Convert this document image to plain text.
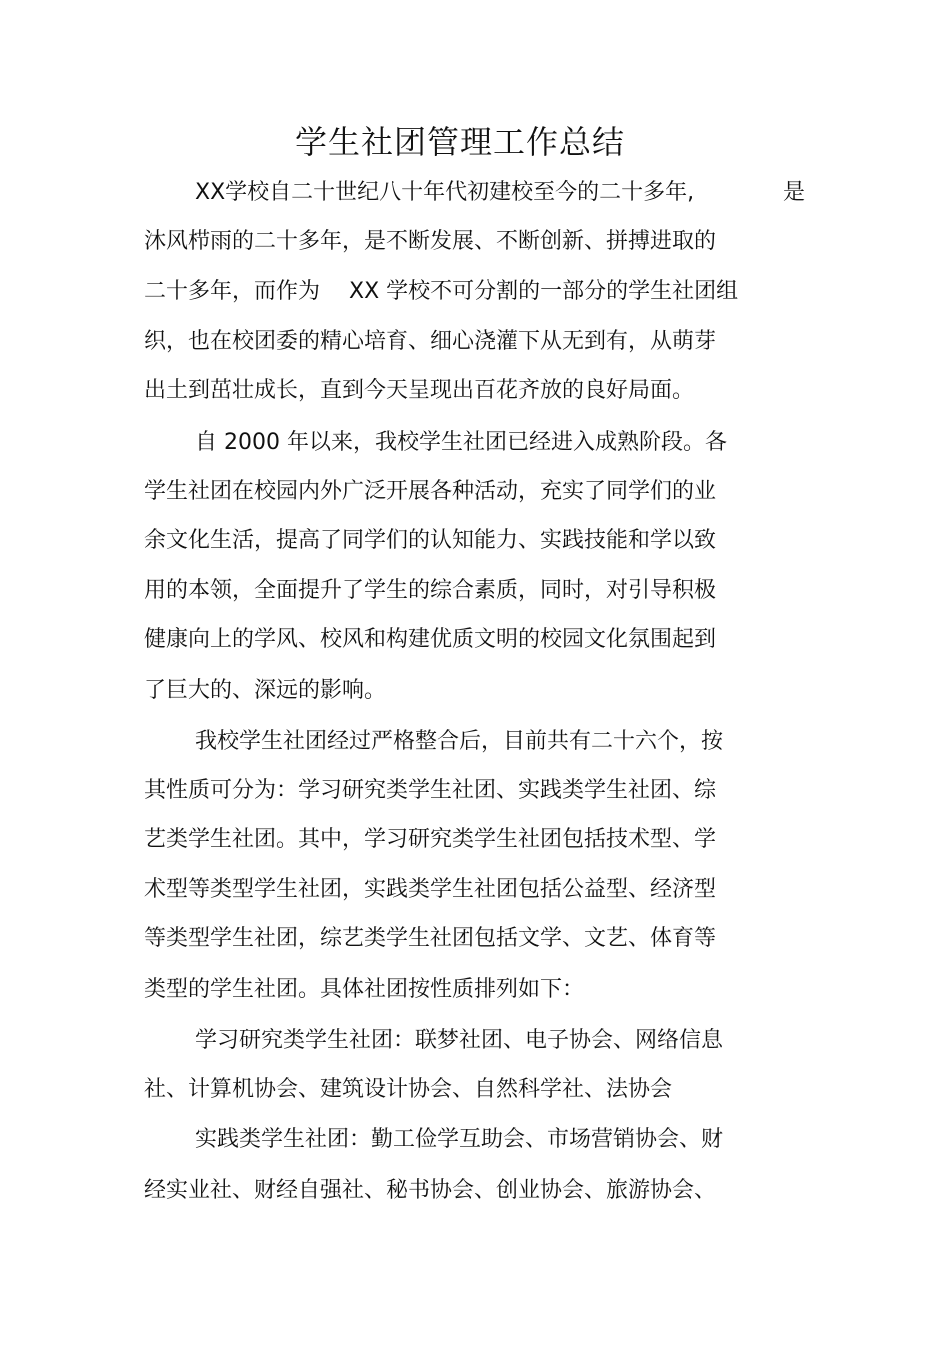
学生社团管理工作总结
XX学校自二十世纪八十年代初建校至今的二十多年,	是
沐风栉雨的二十多年，是不断发展、不断创新、拼搏进取的
二十多年，而作为　 XX 学校不可分割的一部分的学生社团组
织，也在校团委的精心培育、细心浇灌下从无到有，从萌芽
出土到茁壮成长，直到今天呈现出百花齐放的良好局面。
自 2000 年以来，我校学生社团已经进入成熟阶段。各
学生社团在校园内外广泛开展各种活动，充实了同学们的业
余文化生活，提高了同学们的认知能力、实践技能和学以致
用的本领，全面提升了学生的综合素质，同时，对引导积极
健康向上的学风、校风和构建优质文明的校园文化氛围起到
了巨大的、深远的影响。
我校学生社团经过严格整合后，目前共有二十六个，按
其性质可分为：学习研究类学生社团、实践类学生社团、综
艺类学生社团。其中，学习研究类学生社团包括技术型、学
术型等类型学生社团，实践类学生社团包括公益型、经济型
等类型学生社团，综艺类学生社团包括文学、文艺、体育等
类型的学生社团。具体社团按性质排列如下：
学习研究类学生社团：联梦社团、电子协会、网络信息
社、计算机协会、建筑设计协会、自然科学社、法协会
实践类学生社团：勤工俭学互助会、市场营销协会、财
经实业社、财经自强社、秘书协会、创业协会、旅游协会、
